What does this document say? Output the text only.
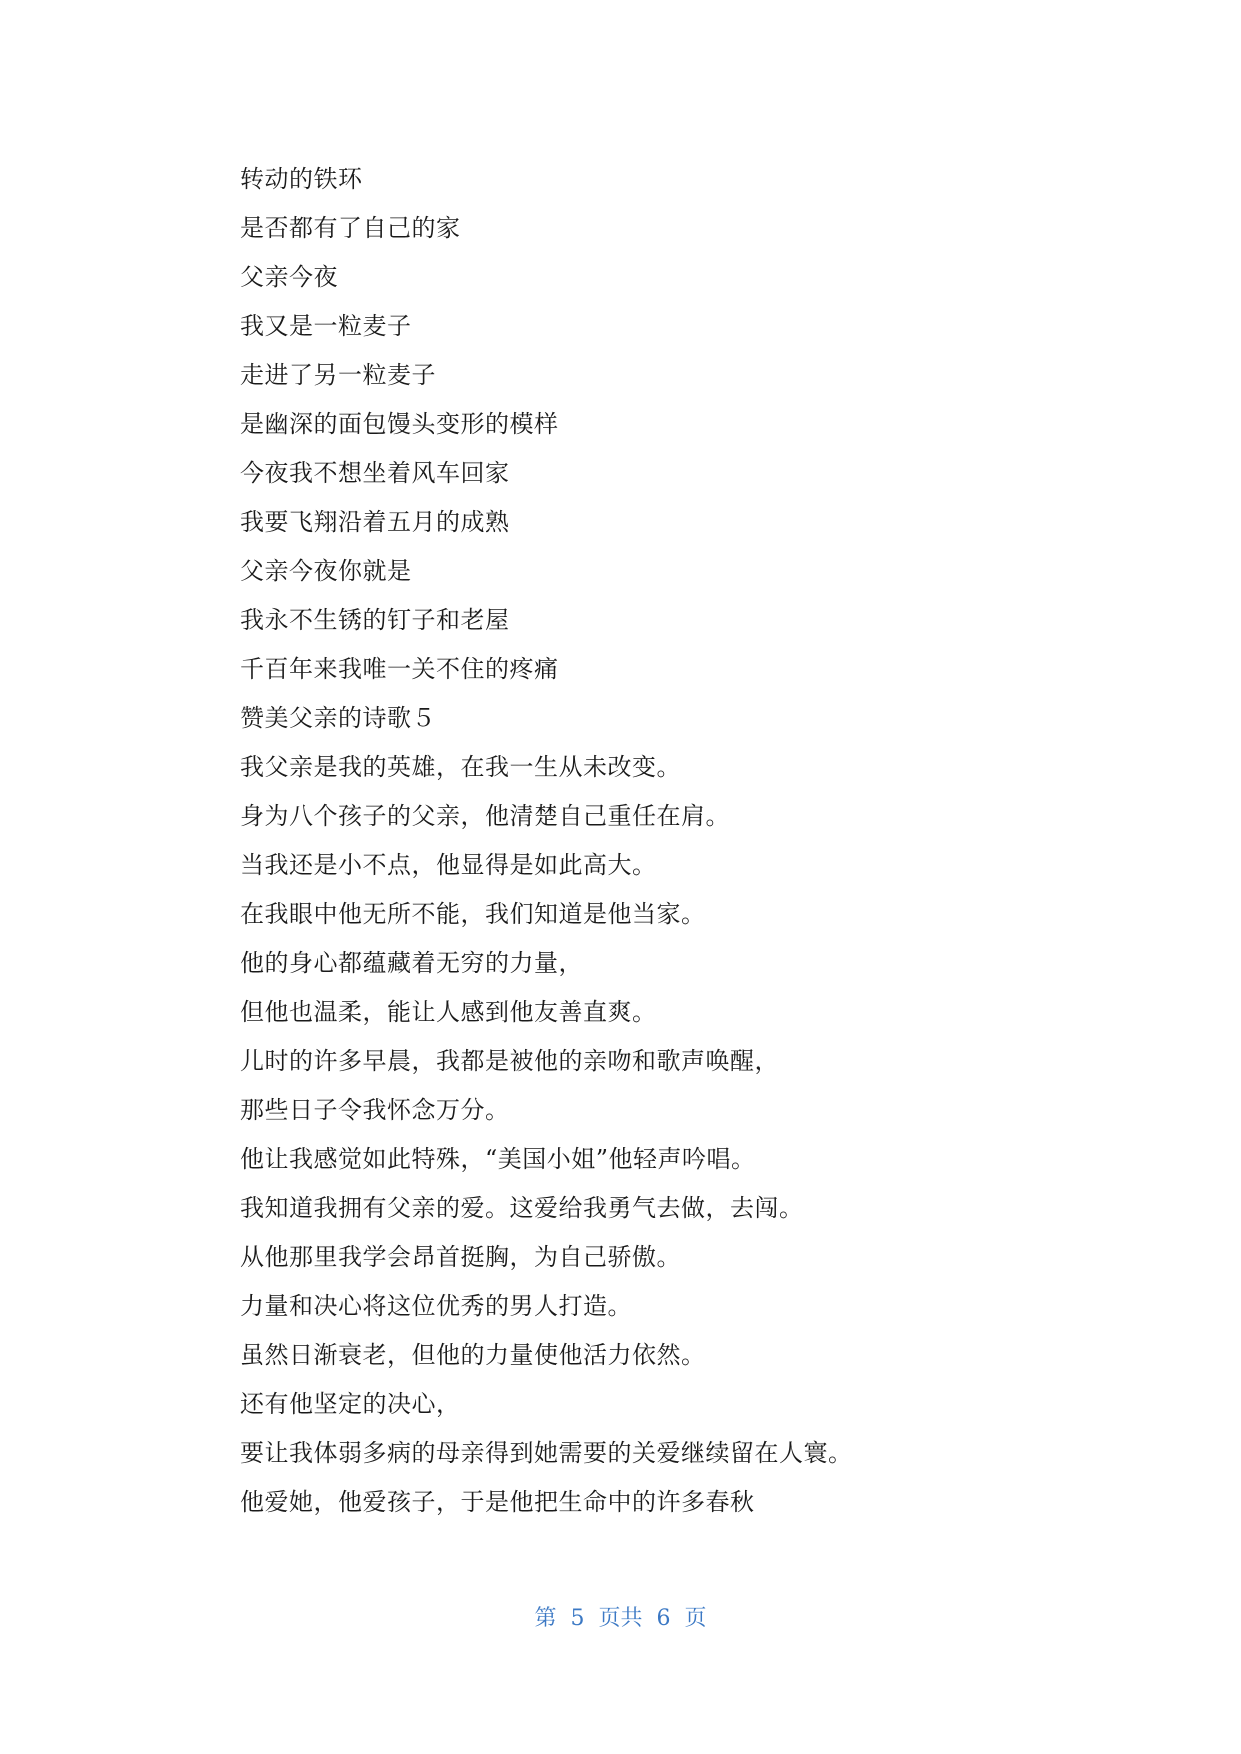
转动的铁环

是否都有了自己的家

父亲今夜

我又是一粒麦子

走进了另一粒麦子

是幽深的面包馒头变形的模样

今夜我不想坐着风车回家

我要飞翔沿着五月的成熟

父亲今夜你就是

我永不生锈的钉子和老屋

千百年来我唯一关不住的疼痛

赞美父亲的诗歌５

我父亲是我的英雄，在我一生从未改变。

身为八个孩子的父亲，他清楚自己重任在肩。

当我还是小不点，他显得是如此高大。

在我眼中他无所不能，我们知道是他当家。

他的身心都蕴藏着无穷的力量，

但他也温柔，能让人感到他友善直爽。

儿时的许多早晨，我都是被他的亲吻和歌声唤醒，

那些日子令我怀念万分。

他让我感觉如此特殊，“美国小姐”他轻声吟唱。

我知道我拥有父亲的爱。这爱给我勇气去做，去闯。

从他那里我学会昂首挺胸，为自己骄傲。

力量和决心将这位优秀的男人打造。

虽然日渐衰老，但他的力量使他活力依然。

还有他坚定的决心，

要让我体弱多病的母亲得到她需要的关爱继续留在人寰。

他爱她，他爱孩子，于是他把生命中的许多春秋

第 5 页共 6 页
